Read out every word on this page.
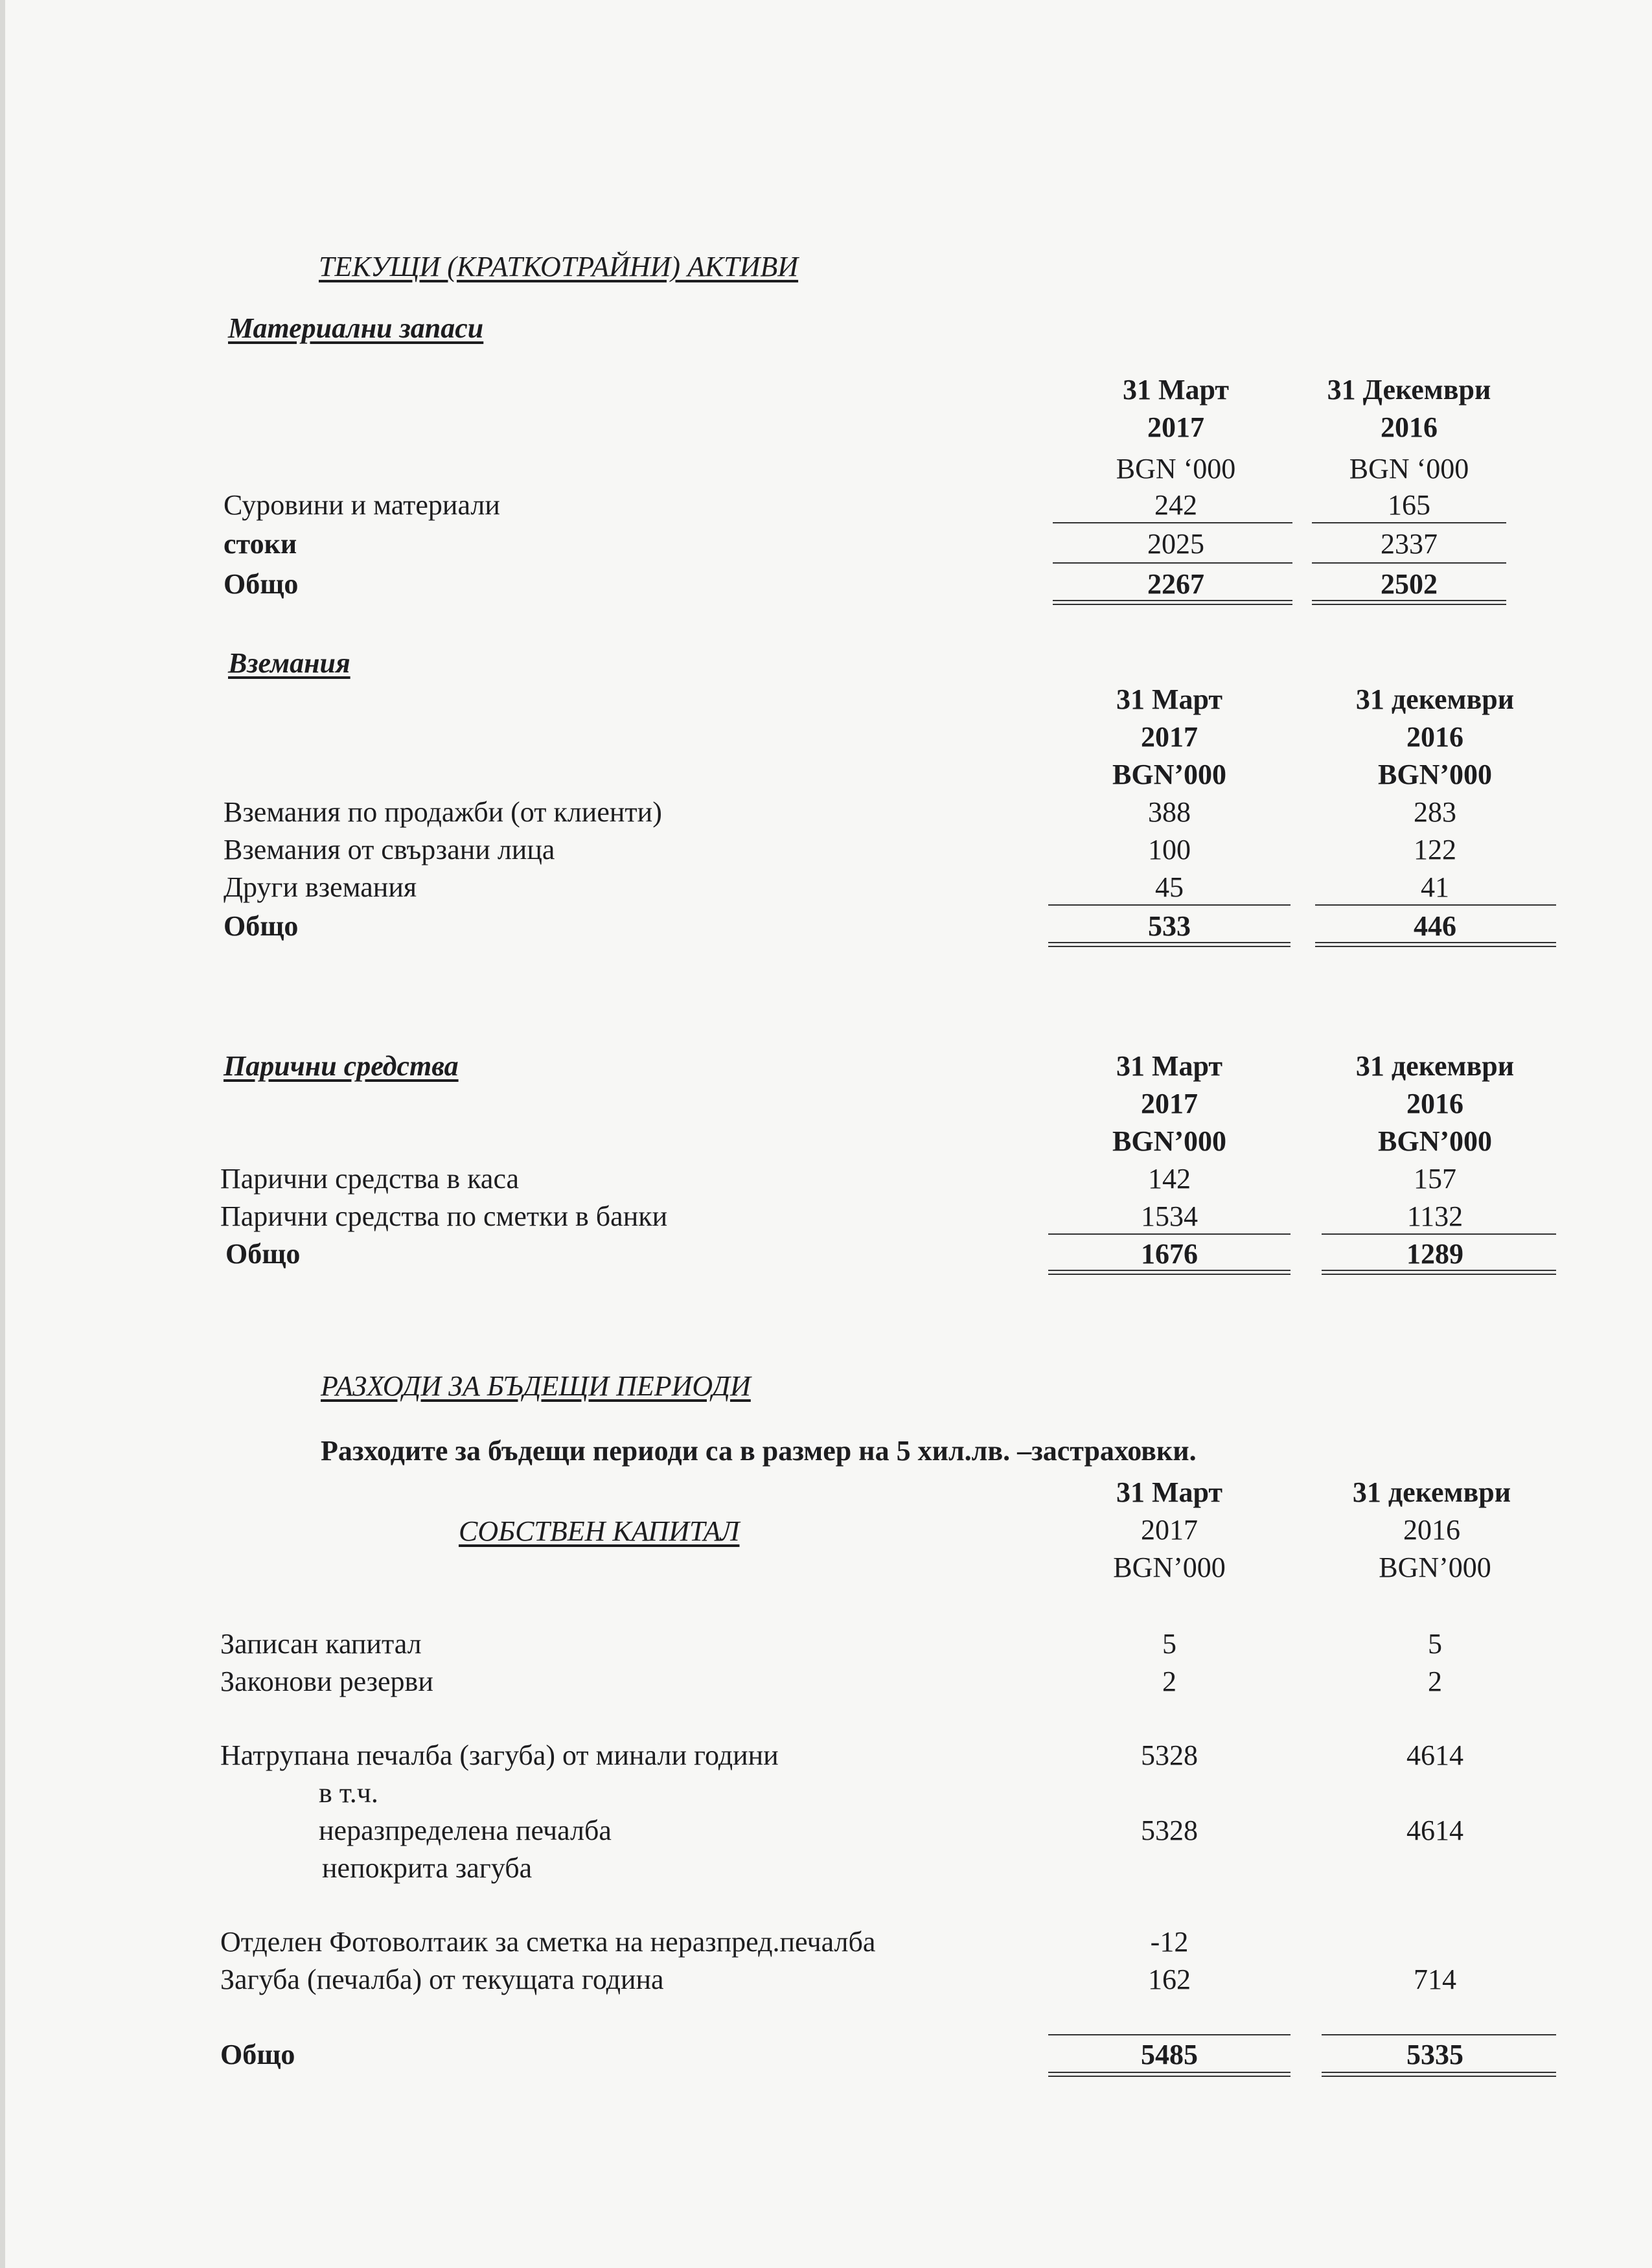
ТЕКУЩИ (КРАТКОТРАЙНИ) АКТИВИ
Материални запаси
31 Март
2017
BGN ‘000
31 Декември
2016
BGN ‘000
Суровини и материали	242	165
стоки	2025	2337
Общо	2267	2502
Вземания
31 Март
2017
BGN’000
31 декември
2016
BGN’000
Вземания по продажби (от клиенти)	388	283
Вземания от свързани лица	100	122
Други вземания	45	41
Общо	533	446
Парични средства	31 Март
2017
BGN’000
31 декември
2016
BGN’000
Парични средства в каса	142	157
Парични средства по сметки в банки	1534	1132
Общо	1676	1289
РАЗХОДИ ЗА БЪДЕЩИ ПЕРИОДИ
Разходите за бъдещи периоди са в размер на 5 хил.лв. –застраховки.
СОБСТВЕН КАПИТАЛ
31 Март
2017
BGN’000
31 декември
2016
BGN’000
Записан капитал	5	5
Законови резерви	2	2
Натрупана печалба (загуба) от минали години	5328	4614
в т.ч.
неразпределена печалба	5328	4614
непокрита загуба
Отделен Фотоволтаик за сметка на неразпред.печалба	-12
Загуба (печалба) от текущата година	162	714
Общо	5485	5335
